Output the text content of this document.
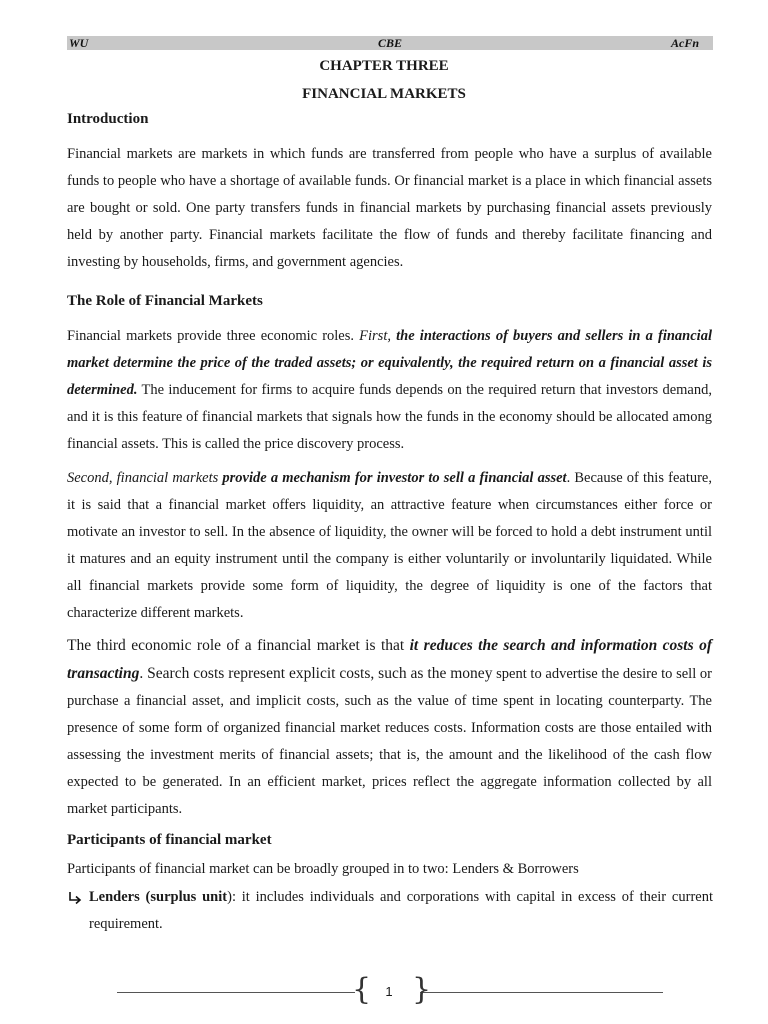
WU	CBE	AcFn
CHAPTER THREE
FINANCIAL MARKETS
Introduction

Financial markets are markets in which funds are transferred from people who have a surplus of available funds to people who have a shortage of available funds. Or financial market is a place in which financial assets are bought or sold. One party transfers funds in financial markets by purchasing financial assets previously held by another party. Financial markets facilitate the flow of funds and thereby facilitate financing and investing by households, firms, and government agencies.

The Role of Financial Markets

Financial markets provide three economic roles. First, the interactions of buyers and sellers in a financial market determine the price of the traded assets; or equivalently, the required return on a financial asset is determined. The inducement for firms to acquire funds depends on the required return that investors demand, and it is this feature of financial markets that signals how the funds in the economy should be allocated among financial assets. This is called the price discovery process.

Second, financial markets provide a mechanism for investor to sell a financial asset. Because of this feature, it is said that a financial market offers liquidity, an attractive feature when circumstances either force or motivate an investor to sell. In the absence of liquidity, the owner will be forced to hold a debt instrument until it matures and an equity instrument until the company is either voluntarily or involuntarily liquidated. While all financial markets provide some form of liquidity, the degree of liquidity is one of the factors that characterize different markets.

The third economic role of a financial market is that it reduces the search and information costs of transacting. Search costs represent explicit costs, such as the money spent to advertise the desire to sell or purchase a financial asset, and implicit costs, such as the value of time spent in locating counterparty. The presence of some form of organized financial market reduces costs. Information costs are those entailed with assessing the investment merits of financial assets; that is, the amount and the likelihood of the cash flow expected to be generated. In an efficient market, prices reflect the aggregate information collected by all market participants.

Participants of financial market
Participants of financial market can be broadly grouped in to two: Lenders & Borrowers
Lenders (surplus unit): it includes individuals and corporations with capital in excess of their current requirement.
{ }
1
